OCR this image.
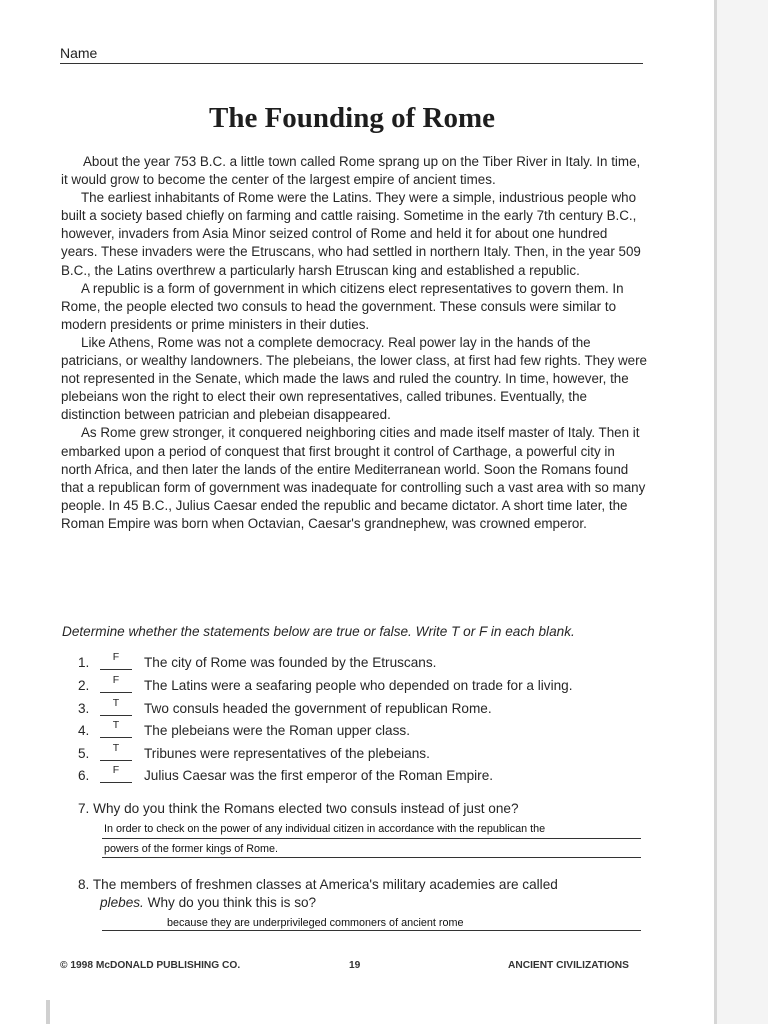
Name
The Founding of Rome

About the year 753 B.C. a little town called Rome sprang up on the Tiber River in Italy. In time, it would grow to become the center of the largest empire of ancient times.

The earliest inhabitants of Rome were the Latins. They were a simple, industrious people who built a society based chiefly on farming and cattle raising. Sometime in the early 7th century B.C., however, invaders from Asia Minor seized control of Rome and held it for about one hundred years. These invaders were the Etruscans, who had settled in northern Italy. Then, in the year 509 B.C., the Latins overthrew a particularly harsh Etruscan king and established a republic.

A republic is a form of government in which citizens elect representatives to govern them. In Rome, the people elected two consuls to head the government. These consuls were similar to modern presidents or prime ministers in their duties.

Like Athens, Rome was not a complete democracy. Real power lay in the hands of the patricians, or wealthy landowners. The plebeians, the lower class, at first had few rights. They were not represented in the Senate, which made the laws and ruled the country. In time, however, the plebeians won the right to elect their own representatives, called tribunes. Eventually, the distinction between patrician and plebeian disappeared.

As Rome grew stronger, it conquered neighboring cities and made itself master of Italy. Then it embarked upon a period of conquest that first brought it control of Carthage, a powerful city in north Africa, and then later the lands of the entire Mediterranean world. Soon the Romans found that a republican form of government was inadequate for controlling such a vast area with so many people. In 45 B.C., Julius Caesar ended the republic and became dictator. A short time later, the Roman Empire was born when Octavian, Caesar's grandnephew, was crowned emperor.

Determine whether the statements below are true or false. Write T or F in each blank.
1. F The city of Rome was founded by the Etruscans.
2. F The Latins were a seafaring people who depended on trade for a living.
3. T Two consuls headed the government of republican Rome.
4. T The plebeians were the Roman upper class.
5. T Tribunes were representatives of the plebeians.
6. F Julius Caesar was the first emperor of the Roman Empire.
7. Why do you think the Romans elected two consuls instead of just one?
In order to check on the power of any individual citizen in accordance with the republican the
powers of the former kings of Rome.
8. The members of freshmen classes at America's military academies are called
plebes. Why do you think this is so?
because they are underprivileged commoners of ancient rome
© 1998 McDONALD PUBLISHING CO.	19	ANCIENT CIVILIZATIONS
